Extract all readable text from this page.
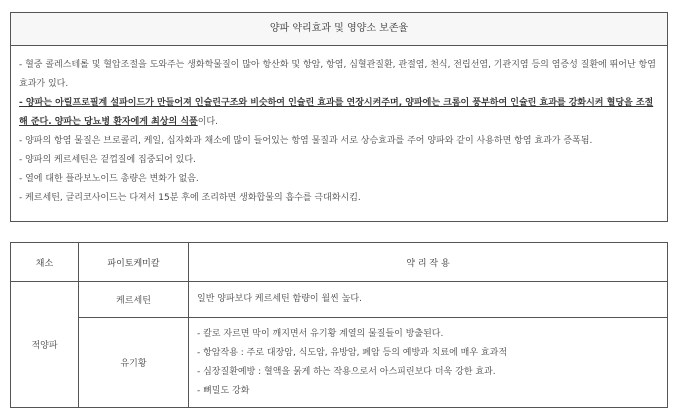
양파 약리효과 및 영양소 보존율

- 혈중 콜레스테롤 및 혈압조절을 도와주는 생화학물질이 많아 항산화 및 항암, 항염, 심혈관질환, 관절염, 천식, 전립선염, 기관지염 등의 염증성 질환에 뛰어난 항염 효과가 있다.

- 양파는 아릴프로필계 설파이드가 만들어져 인슐린구조와 비슷하여 인슐린 효과를 연장시켜주며, 양파에는 크롬이 풍부하여 인슐린 효과를 강화시켜 혈당을 조절해 준다. 양파는 당뇨병 환자에게 최상의 식품이다.

- 양파의 항염 물질은 브로콜리, 케일, 십자화과 채소에 많이 들어있는 항염 물질과 서로 상승효과를 주어 양파와 같이 사용하면 항염 효과가 증폭됨.

- 양파의 케르세틴은 겉껍질에 집중되어 있다.

- 열에 대한 플라보노이드 총량은 변화가 없음.

- 케르세틴, 글리코사이드는 다져서 15분 후에 조리하면 생화합물의 흡수를 극대화시킴.

채소	파이토케미칼	약 리 작 용
적양파	케르세틴	일반 양파보다 케르세틴 함량이 월씬 높다.

	유기황	- 칼로 자르면 막이 깨지면서 유기황 계열의 물질들이 방출된다.
- 항암작용 : 주로 대장암, 식도암, 유방암, 폐암 등의 예방과 치료에 매우 효과적
- 심장질환예방 : 혈액을 묽게 하는 작용으로서 아스피린보다 더욱 강한 효과.
- 뼈밀도 강화
